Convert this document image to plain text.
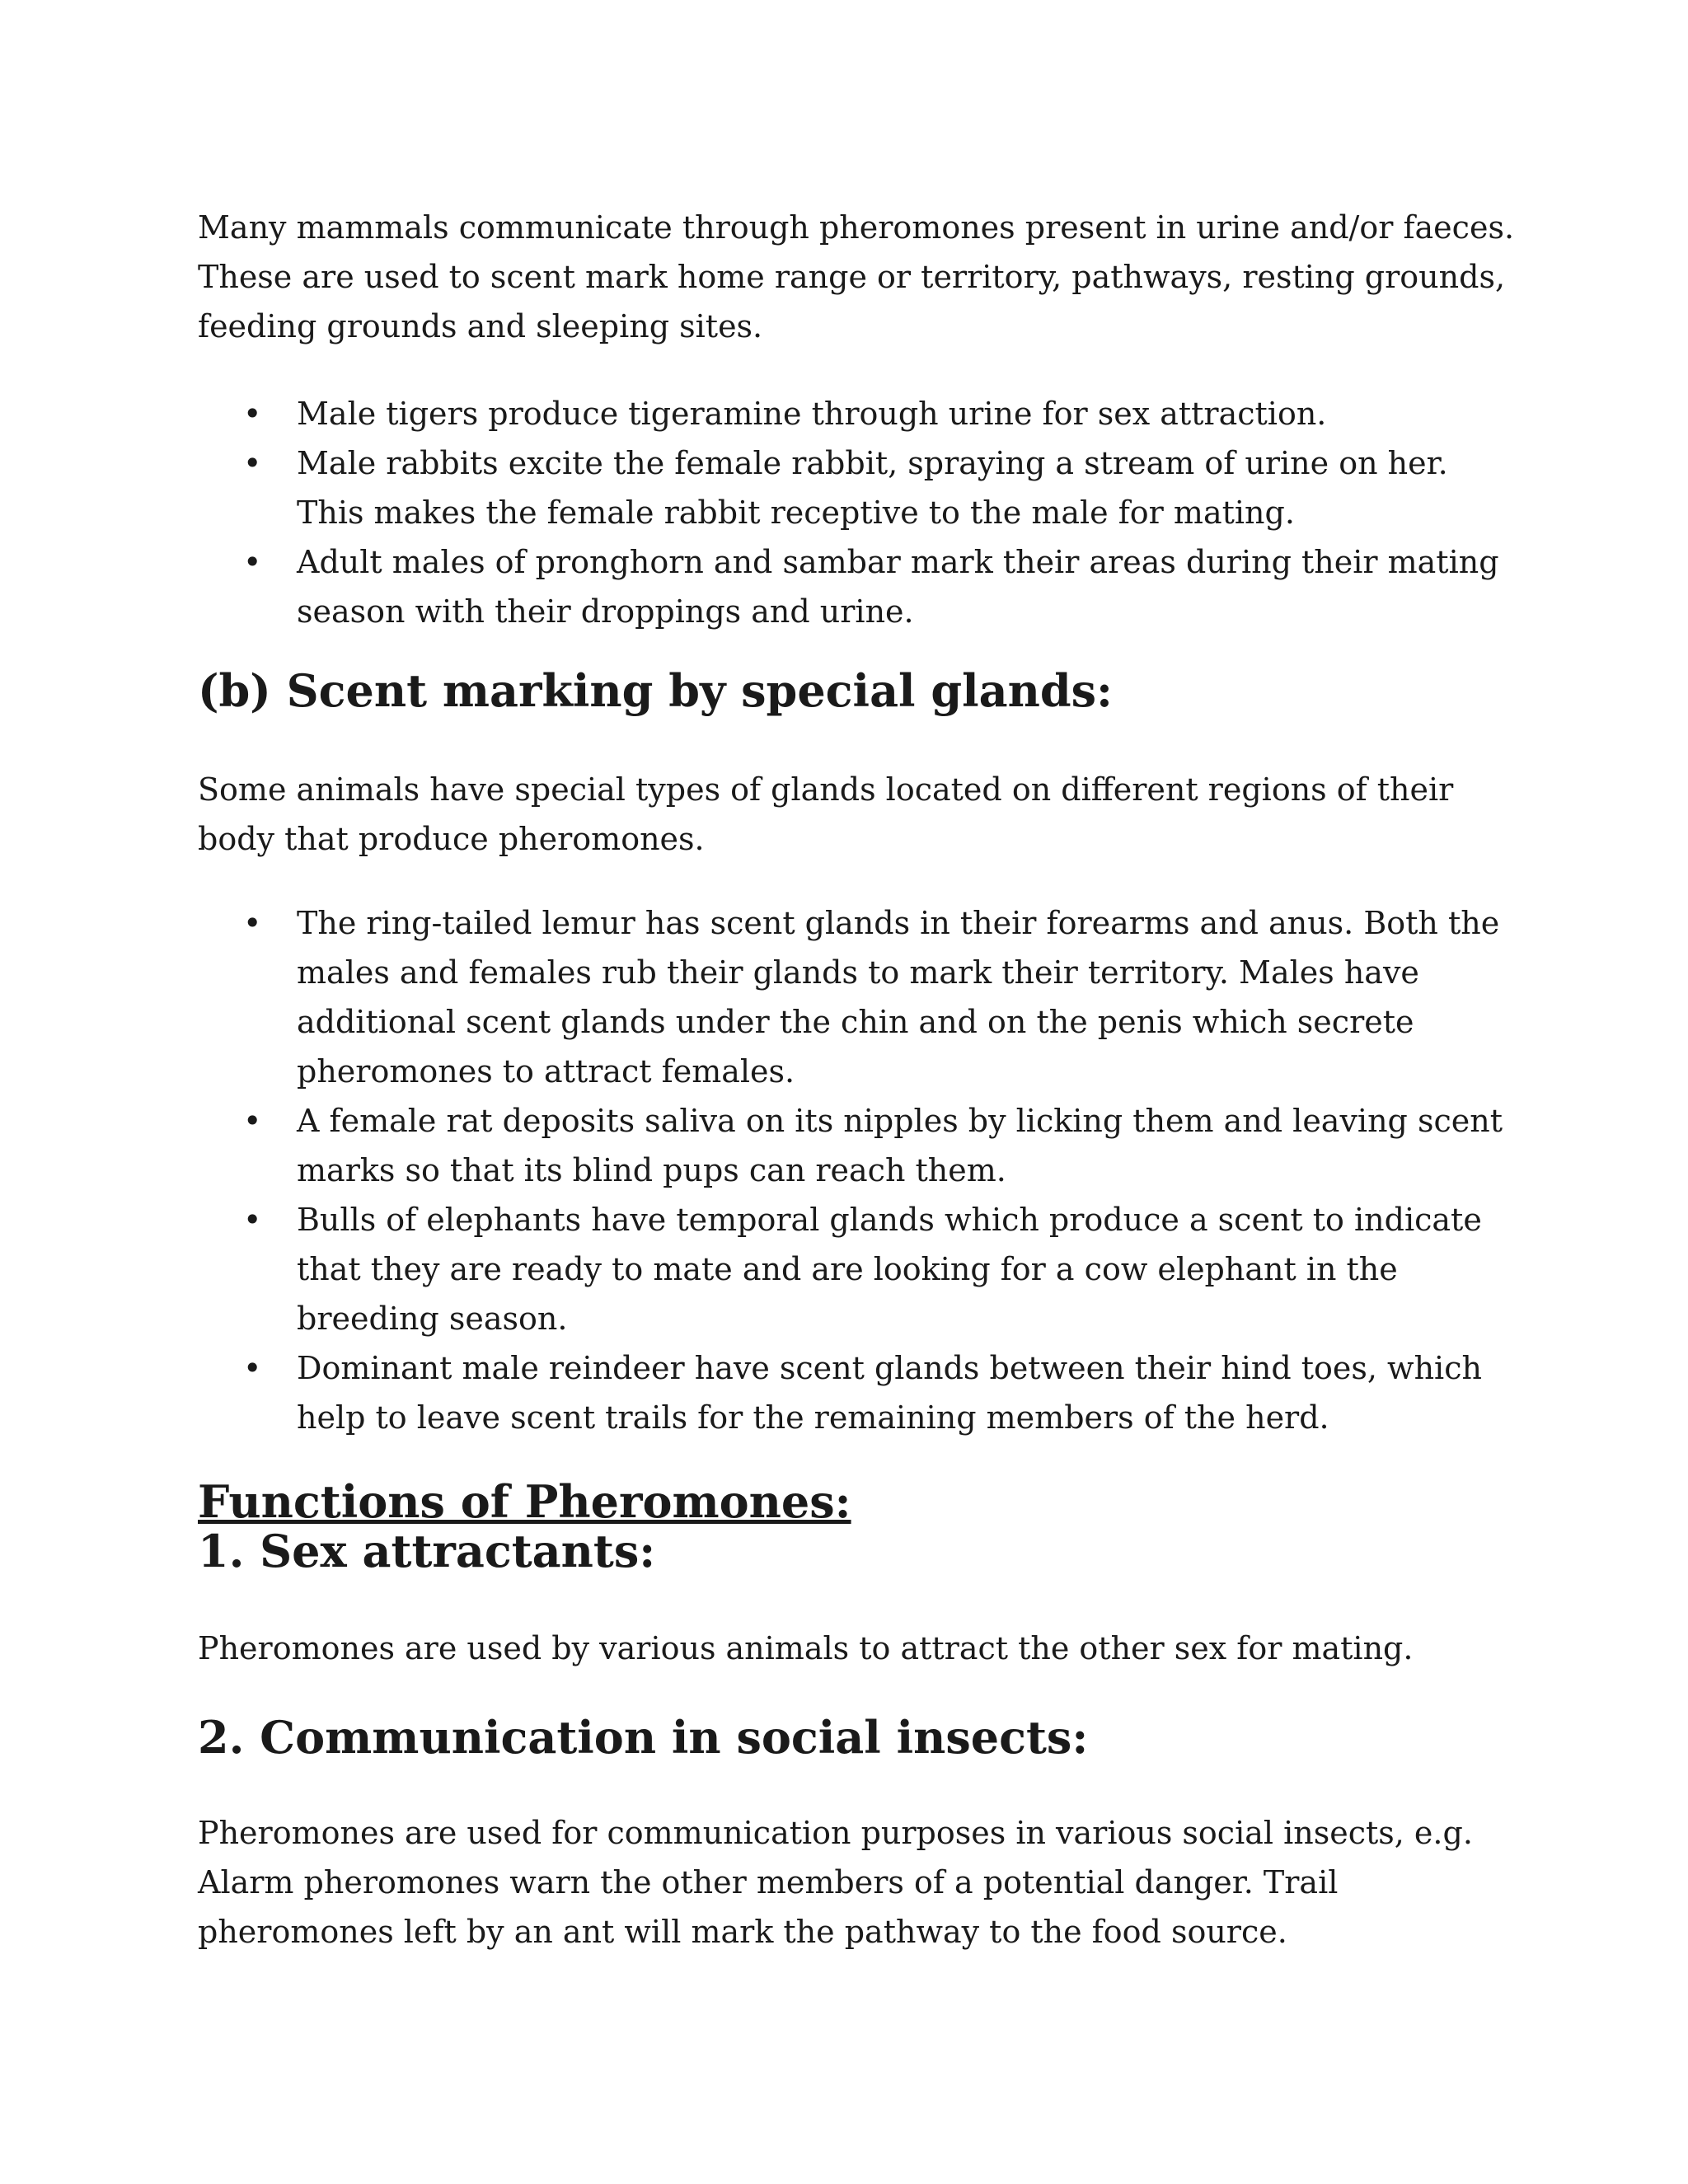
Many mammals communicate through pheromones present in urine and/or faeces. These are used to scent mark home range or territory, pathways, resting grounds, feeding grounds and sleeping sites.

• Male tigers produce tigeramine through urine for sex attraction.
• Male rabbits excite the female rabbit, spraying a stream of urine on her. This makes the female rabbit receptive to the male for mating.
• Adult males of pronghorn and sambar mark their areas during their mating season with their droppings and urine.
(b) Scent marking by special glands:

Some animals have special types of glands located on different regions of their body that produce pheromones.

• The ring-tailed lemur has scent glands in their forearms and anus. Both the males and females rub their glands to mark their territory. Males have additional scent glands under the chin and on the penis which secrete pheromones to attract females.
• A female rat deposits saliva on its nipples by licking them and leaving scent marks so that its blind pups can reach them.
• Bulls of elephants have temporal glands which produce a scent to indicate that they are ready to mate and are looking for a cow elephant in the breeding season.
• Dominant male reindeer have scent glands between their hind toes, which help to leave scent trails for the remaining members of the herd.
Functions of Pheromones:
1. Sex attractants:

Pheromones are used by various animals to attract the other sex for mating.

2. Communication in social insects:

Pheromones are used for communication purposes in various social insects, e.g. Alarm pheromones warn the other members of a potential danger. Trail pheromones left by an ant will mark the pathway to the food source.
